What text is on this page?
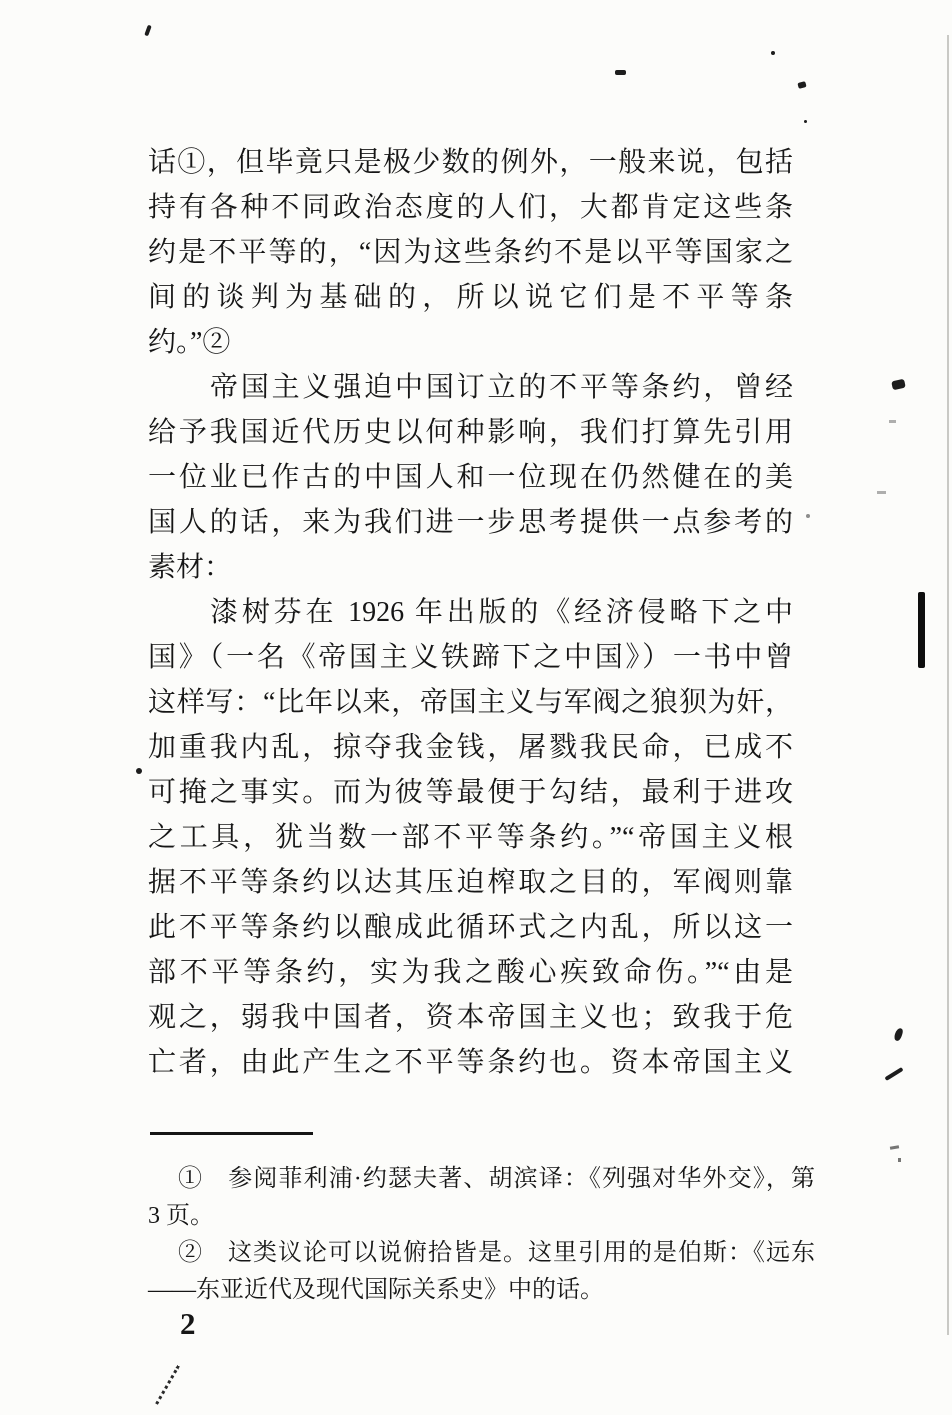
话①，但毕竟只是极少数的例外，一般来说，包括
持有各种不同政治态度的人们，大都肯定这些条
约是不平等的，“因为这些条约不是以平等国家之
间的谈判为基础的，所以说它们是不平等条
约。”②
帝国主义强迫中国订立的不平等条约，曾经
给予我国近代历史以何种影响，我们打算先引用
一位业已作古的中国人和一位现在仍然健在的美
国人的话，来为我们进一步思考提供一点参考的
素材：
漆树芬在 1926 年出版的《经济侵略下之中
国》（一名《帝国主义铁蹄下之中国》）一书中曾
这样写：“比年以来，帝国主义与军阀之狼狈为奸，
加重我内乱，掠夺我金钱，屠戮我民命，已成不
可掩之事实。而为彼等最便于勾结，最利于进攻
之工具，犹当数一部不平等条约。”“帝国主义根
据不平等条约以达其压迫榨取之目的，军阀则靠
此不平等条约以酿成此循环式之内乱，所以这一
部不平等条约，实为我之酸心疾致命伤。”“由是
观之，弱我中国者，资本帝国主义也；致我于危
亡者，由此产生之不平等条约也。资本帝国主义
①　参阅菲利浦·约瑟夫著、胡滨译：《列强对华外交》，第
3 页。
②　这类议论可以说俯拾皆是。这里引用的是伯斯：《远东
——东亚近代及现代国际关系史》中的话。
2
